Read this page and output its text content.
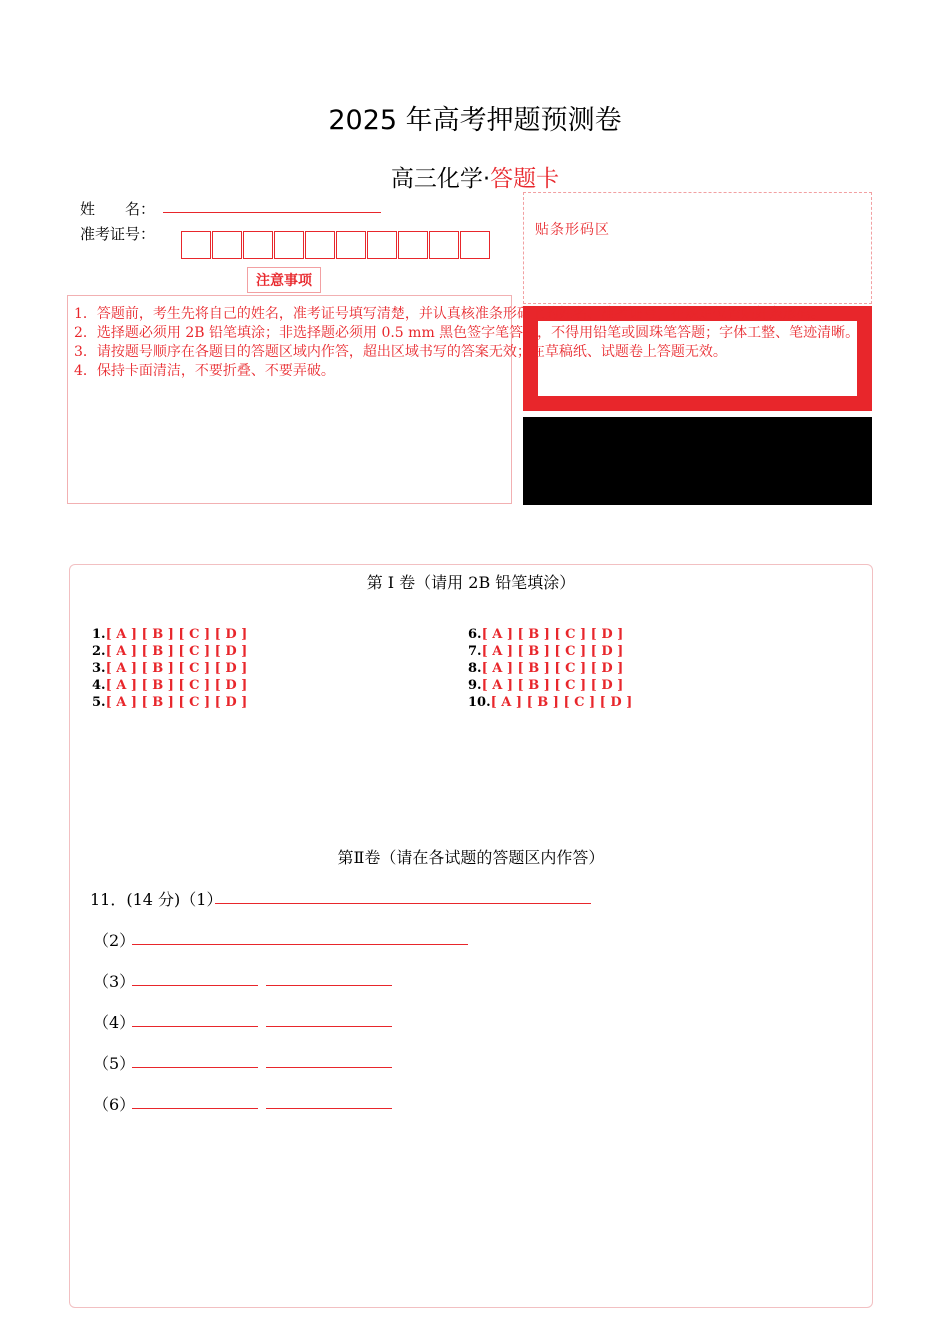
2025 年高考押题预测卷
高三化学·答题卡
姓　　名：
准考证号：
注意事项
贴条形码区
1．答题前，考生先将自己的姓名，准考证号填写清楚，并认真核准条形码上的姓名、准考证号，在规定位置贴好条形码。
2．选择题必须用 2B 铅笔填涂；非选择题必须用 0.5 mm 黑色签字笔答题，不得用铅笔或圆珠笔答题；字体工整、笔迹清晰。
3．请按题号顺序在各题目的答题区域内作答，超出区域书写的答案无效；在草稿纸、试题卷上答题无效。
4．保持卡面清洁，不要折叠、不要弄破。
第 I 卷（请用 2B 铅笔填涂）
1.[ A ] [ B ] [ C ] [ D ]
2.[ A ] [ B ] [ C ] [ D ]
3.[ A ] [ B ] [ C ] [ D ]
4.[ A ] [ B ] [ C ] [ D ]
5.[ A ] [ B ] [ C ] [ D ]
6.[ A ] [ B ] [ C ] [ D ]
7.[ A ] [ B ] [ C ] [ D ]
8.[ A ] [ B ] [ C ] [ D ]
9.[ A ] [ B ] [ C ] [ D ]
10.[ A ] [ B ] [ C ] [ D ]
第Ⅱ卷（请在各试题的答题区内作答）
11．(14 分)（1）
（2）
（3）
（4）
（5）
（6）
